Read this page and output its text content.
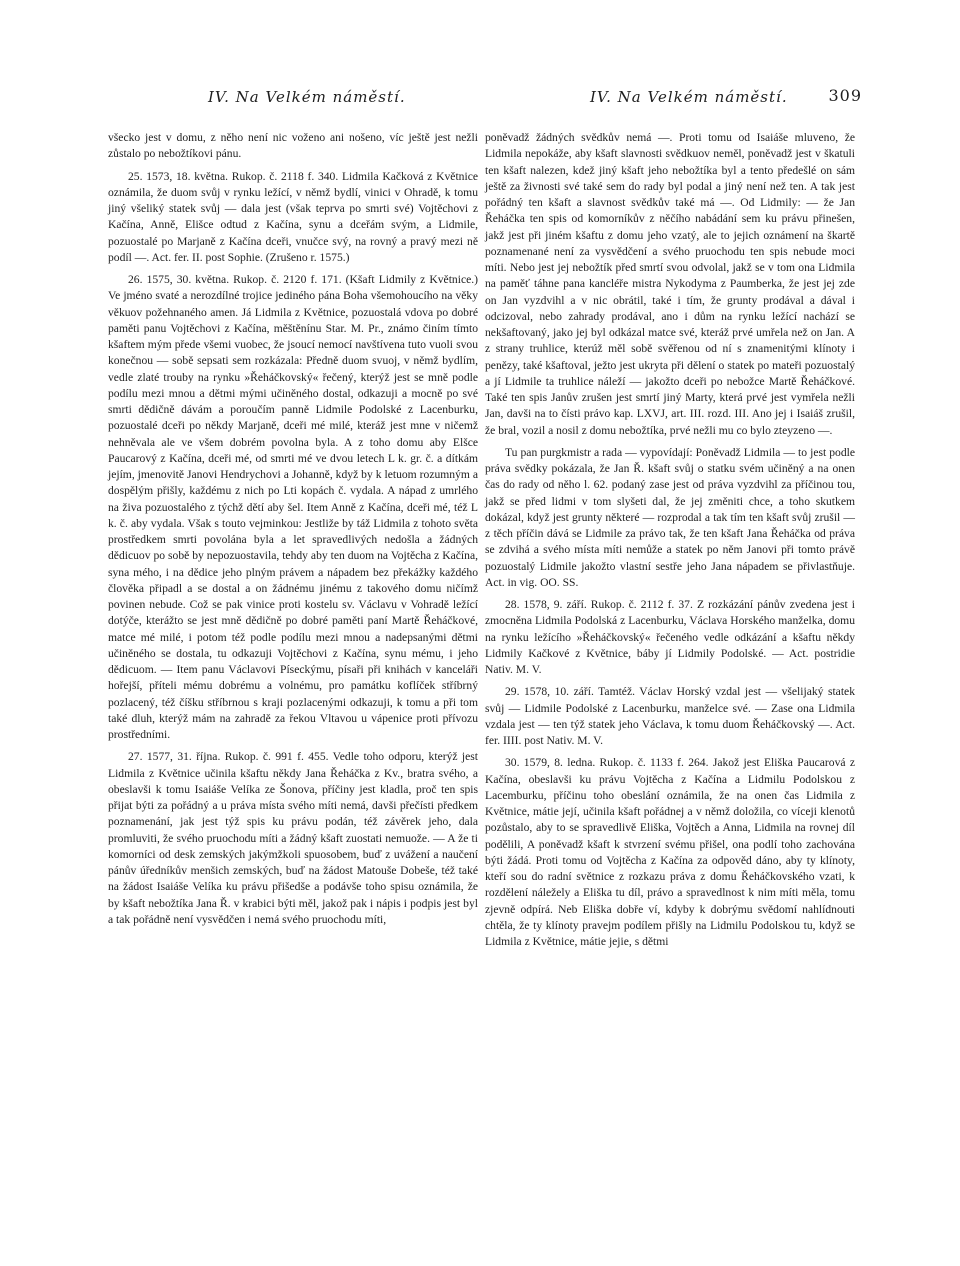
IV. Na Velkém náměstí.	IV. Na Velkém náměstí.	309

všecko jest v domu, z něho není nic voženo ani nošeno, víc ještě jest nežli zůstalo po nebožtíkovi pánu.

25. 1573, 18. května. Rukop. č. 2118 f. 340. Lidmila Kačková z Květnice oznámila, že duom svůj v rynku ležící, v němž bydlí, vinici v Ohradě, k tomu jiný všeliký statek svůj — dala jest (však teprva po smrti své) Vojtěchovi z Kačína, Anně, Elišce odtud z Kačína, synu a dceřám svým, a Lidmile, pozuostalé po Marjaně z Kačína dceři, vnučce svý, na rovný a pravý mezi ně podíl —. Act. fer. II. post Sophie. (Zrušeno r. 1575.)

26. 1575, 30. května. Rukop. č. 2120 f. 171. (Kšaft Lidmily z Květnice.) Ve jméno svaté a nerozdílné trojice jediného pána Boha všemohoucího na věky věkuov požehnaného amen. Já Lidmila z Květnice, pozuostalá vdova po dobré paměti panu Vojtěchovi z Kačína, měštěnínu Star. M. Pr., známo činím tímto kšaftem mým přede všemi vuobec, že jsoucí nemocí navštívena tuto vuoli svou konečnou — sobě sepsati sem rozkázala: Předně duom svuoj, v němž bydlím, vedle zlaté trouby na rynku »Řeháčkovský« řečený, kterýž jest se mně podle podílu mezi mnou a dětmi mými učiněného dostal, odkazuji a mocně po své smrti dědičně dávám a poroučím panně Lidmile Podolské z Lacenburku, pozuostalé dceři po někdy Marjaně, dceři mé milé, kteráž jest mne v ničemž nehněvala ale ve všem dobrém povolna byla. A z toho domu aby Elšce Paucarový z Kačína, dceři mé, od smrti mé ve dvou letech L k. gr. č. a dítkám jejím, jmenovitě Janovi Hendrychovi a Johanně, když by k letuom rozumným a dospělým přišly, každému z nich po Lti kopách č. vydala. A nápad z umrlého na živa pozuostalého z týchž dětí aby šel. Item Anně z Kačína, dceři mé, též L k. č. aby vydala. Však s touto vejminkou: Jestliže by táž Lidmila z tohoto světa prostředkem smrti povolána byla a let spravedlivých nedošla a žádných dědicuov po sobě by nepozuostavila, tehdy aby ten duom na Vojtěcha z Kačína, syna mého, i na dědice jeho plným právem a nápadem bez překážky každého člověka připadl a se dostal a on žádnému jinému z takového domu ničímž povinen nebude. Což se pak vinice proti kostelu sv. Václavu v Vohradě ležící dotýče, kterážto se jest mně dědičně po dobré paměti paní Martě Řeháčkové, matce mé milé, i potom též podle podílu mezi mnou a nadepsanými dětmi učiněného se dostala, tu odkazuji Vojtěchovi z Kačína, synu mému, i jeho dědicuom. — Item panu Václavovi Píseckýmu, písaři při knihách v kanceláři hořejší, příteli mému dobrému a volnému, pro památku koflíček stříbrný pozlacený, též číšku stříbrnou s kraji pozlacenými odkazuji, k tomu a při tom také dluh, kterýž mám na zahradě za řekou Vltavou u vápenice proti přívozu prostředními.

27. 1577, 31. října. Rukop. č. 991 f. 455. Vedle toho odporu, kterýž jest Lidmila z Květnice učinila kšaftu někdy Jana Řeháčka z Kv., bratra svého, a obeslavši k tomu Isaiáše Velíka ze Šonova, příčiny jest kladla, proč ten spis přijat býti za pořádný a u práva místa svého míti nemá, davši přečísti předkem poznamenání, jak jest týž spis ku právu podán, též závěrek jeho, dala promluviti, že svého pruochodu míti a žádný kšaft zuostati nemuože. — A že ti komorníci od desk zemských jakýmžkoli spuosobem, buď z uvážení a naučení pánův úředníkův menšich zemských, buď na žádost Matouše Dobeše, též také na žádost Isaiáše Velíka ku právu přišedše a podávše toho spisu oznámila, že by kšaft nebožtíka Jana Ř. v krabici býti měl, jakož pak i nápis i podpis jest byl a tak pořádně není vysvědčen i nemá svého pruochodu míti,

poněvadž žádných svědkův nemá —. Proti tomu od Isaiáše mluveno, že Lidmila nepokáže, aby kšaft slavnosti svědkuov neměl, poněvadž jest v škatuli ten kšaft nalezen, kdež jiný kšaft jeho nebožtíka byl a tento předešlé on sám ještě za živnosti své také sem do rady byl podal a jiný není než ten. A tak jest pořádný ten kšaft a slavnost svědkův také má —. Od Lidmily: — že Jan Řeháčka ten spis od komorníkův z něčího nabádání sem ku právu přinešen, jakž jest při jiném kšaftu z domu jeho vzatý, ale to jejich oznámení na škartě poznamenané není za vysvědčení a svého pruochodu ten spis nebude moci míti. Nebo jest jej nebožtík před smrtí svou odvolal, jakž se v tom ona Lidmila na paměť táhne pana kancléře mistra Nykodyma z Paumberka, že jest jej zde on Jan vyzdvihl a v nic obrátil, také i tím, že grunty prodával a dával i odcizoval, nebo zahrady prodával, ano i dům na rynku ležící nachází se nekšaftovaný, jako jej byl odkázal matce své, kteráž prvé umřela než on Jan. A z strany truhlice, kterúž měl sobě svěřenou od ní s znamenitými klínoty i penězy, také kšaftoval, ježto jest ukryta při dělení o statek po mateři pozuostalý a jí Lidmile ta truhlice náleží — jakožto dceři po nebožce Martě Řeháčkové. Také ten spis Janův zrušen jest smrtí jiný Marty, která prvé jest vymřela nežli Jan, davši na to čísti právo kap. LXVJ, art. III. rozd. III. Ano jej i Isaiáš zrušil, že bral, vozil a nosil z domu nebožtíka, prvé nežli mu co bylo zteyzeno —.

Tu pan purgkmistr a rada — vypovídají: Poněvadž Lidmila — to jest podle práva svědky pokázala, že Jan Ř. kšaft svůj o statku svém učiněný a na onen čas do rady od něho l. 62. podaný zase jest od práva vyzdvihl za příčinou tou, jakž se před lidmi v tom slyšeti dal, že jej změniti chce, a toho skutkem dokázal, když jest grunty některé — rozprodal a tak tím ten kšaft svůj zrušil — z těch příčin dává se Lidmile za právo tak, že ten kšaft Jana Řeháčka od práva se zdvihá a svého místa míti nemůže a statek po něm Janovi při tomto právě pozuostalý Lidmile jakožto vlastní sestře jeho Jana nápadem se přivlastňuje. Act. in vig. OO. SS.

28. 1578, 9. září. Rukop. č. 2112 f. 37. Z rozkázání pánův zvedena jest i zmocněna Lidmila Podolská z Lacenburku, Václava Horského manželka, domu na rynku ležícího »Řeháčkovský« řečeného vedle odkázání a kšaftu někdy Lidmily Kačkové z Květnice, báby jí Lidmily Podolské. — Act. postridie Nativ. M. V.

29. 1578, 10. září. Tamtéž. Václav Horský vzdal jest — všelijaký statek svůj — Lidmile Podolské z Lacenburku, manželce své. — Zase ona Lidmila vzdala jest — ten týž statek jeho Václava, k tomu duom Řeháčkovský —. Act. fer. IIII. post Nativ. M. V.

30. 1579, 8. ledna. Rukop. č. 1133 f. 264. Jakož jest Eliška Paucarová z Kačína, obeslavši ku právu Vojtěcha z Kačína a Lidmilu Podolskou z Lacemburku, příčinu toho obeslání oznámila, že na onen čas Lidmila z Květnice, mátie její, učinila kšaft pořádnej a v němž doložila, co víceji klenotů pozůstalo, aby to se spravedlivě Eliška, Vojtěch a Anna, Lidmila na rovnej díl podělili, A poněvadž kšaft k stvrzení svému přišel, ona podlí toho zachována býti žádá. Proti tomu od Vojtěcha z Kačína za odpověd dáno, aby ty klínoty, kteří sou do radní světnice z rozkazu práva z domu Řeháčkovského vzati, k rozdělení náležely a Eliška tu díl, právo a spravedlnost k nim míti měla, tomu zjevně odpírá. Neb Eliška dobře ví, kdyby k dobrýmu svědomí nahlídnouti chtěla, že ty klínoty pravejm podílem přišly na Lidmilu Podolskou tu, když se Lidmila z Květnice, mátie jejie, s dětmi
